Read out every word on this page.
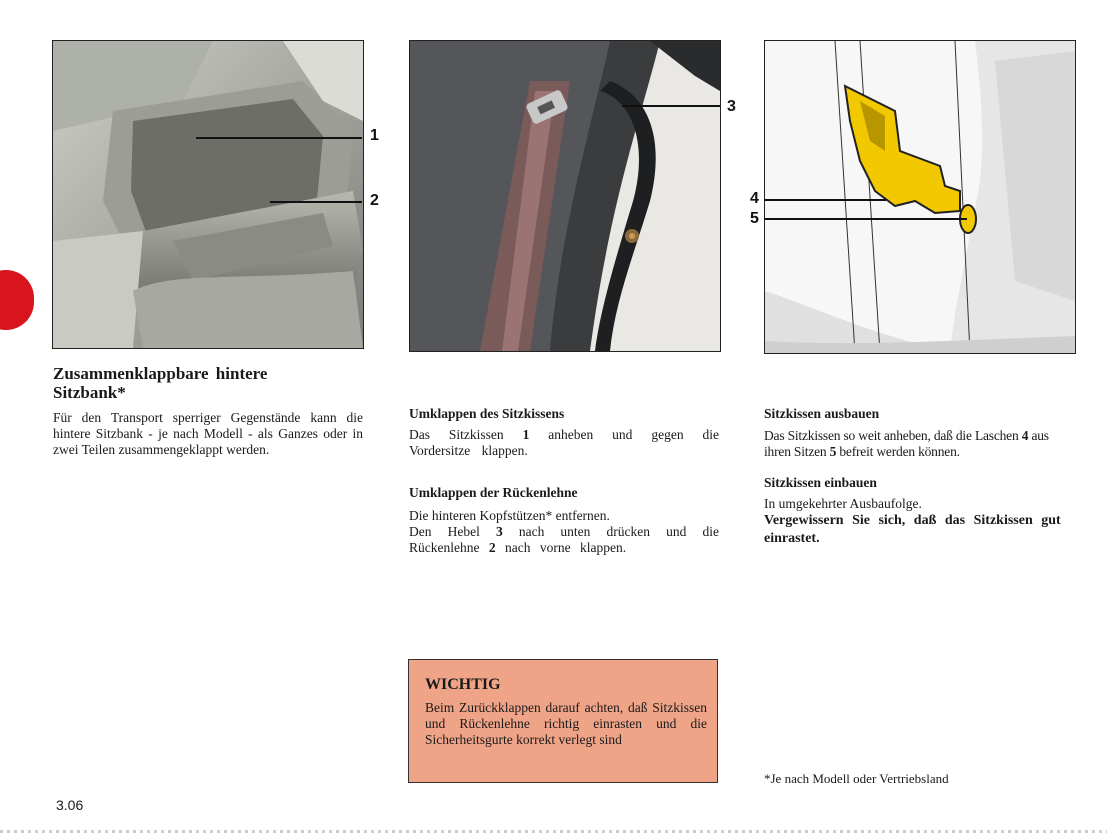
1
2
3
4
5
Zusammenklappbare hintere Sitzbank*

Für den Transport sperriger Gegenstände kann die hintere Sitzbank - je nach Modell - als Ganzes oder in zwei Teilen zusammengeklappt werden.

Umklappen des Sitzkissens

Das Sitzkissen 1 anheben und gegen die Vordersitze klappen.

Umklappen der Rückenlehne

Die hinteren Kopfstützen* entfernen.

Den Hebel 3 nach unten drücken und die Rückenlehne 2 nach vorne klappen.

WICHTIG

Beim Zurückklappen darauf achten, daß Sitzkissen und Rückenlehne richtig einrasten und die Sicherheitsgurte korrekt verlegt sind

Sitzkissen ausbauen

Das Sitzkissen so weit anheben, daß die Laschen 4 aus ihren Sitzen 5 befreit werden können.

Sitzkissen einbauen

In umgekehrter Ausbaufolge.

Vergewissern Sie sich, daß das Sitzkissen gut einrastet.

*Je nach Modell oder Vertriebsland
3.06
